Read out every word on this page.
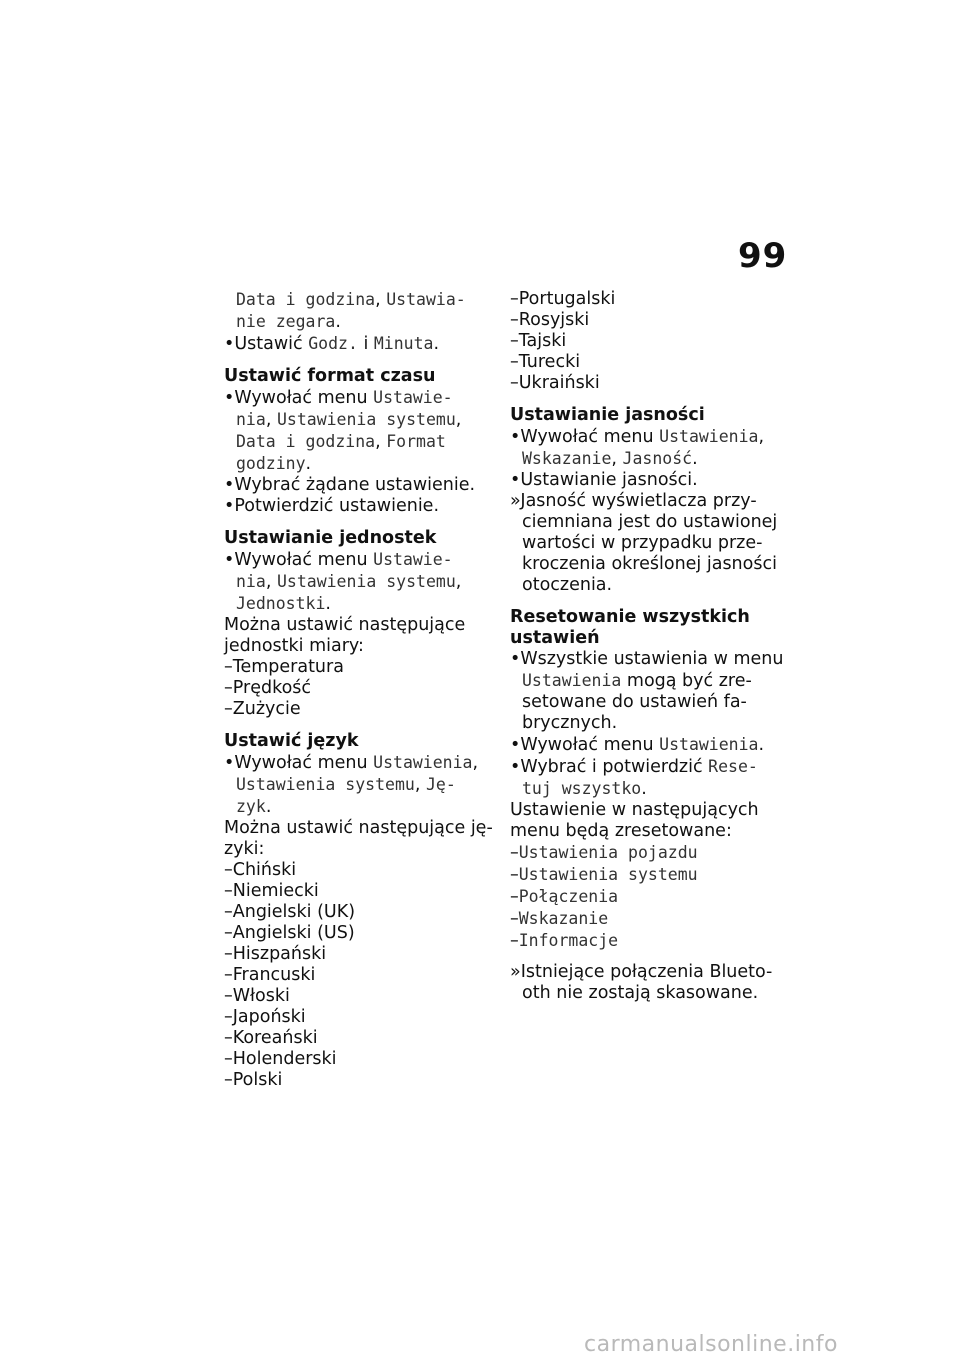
99
Data i godzina, Ustawia-
nie zegara.
•Ustawić Godz. i Minuta.
Ustawić format czasu
•Wywołać menu Ustawie-
nia, Ustawienia systemu,
Data i godzina, Format
godziny.
•Wybrać żądane ustawienie.
•Potwierdzić ustawienie.
Ustawianie jednostek
•Wywołać menu Ustawie-
nia, Ustawienia systemu,
Jednostki.
Można ustawić następujące
jednostki miary:
–Temperatura
–Prędkość
–Zużycie
Ustawić język
•Wywołać menu Ustawienia,
Ustawienia systemu, Ję-
zyk.
Można ustawić następujące ję-
zyki:
–Chiński
–Niemiecki
–Angielski (UK)
–Angielski (US)
–Hiszpański
–Francuski
–Włoski
–Japoński
–Koreański
–Holenderski
–Polski
–Portugalski
–Rosyjski
–Tajski
–Turecki
–Ukraiński
Ustawianie jasności
•Wywołać menu Ustawienia,
Wskazanie, Jasność.
•Ustawianie jasności.
»Jasność wyświetlacza przy-
ciemniana jest do ustawionej
wartości w przypadku prze-
kroczenia określonej jasności
otoczenia.
Resetowanie wszystkich
ustawień
•Wszystkie ustawienia w menu
Ustawienia mogą być zre-
setowane do ustawień fa-
brycznych.
•Wywołać menu Ustawienia.
•Wybrać i potwierdzić Rese-
tuj wszystko.
Ustawienie w następujących
menu będą zresetowane:
–Ustawienia pojazdu
–Ustawienia systemu
–Połączenia
–Wskazanie
–Informacje
»Istniejące połączenia Blueto-
oth nie zostają skasowane.
carmanualsonline.info
